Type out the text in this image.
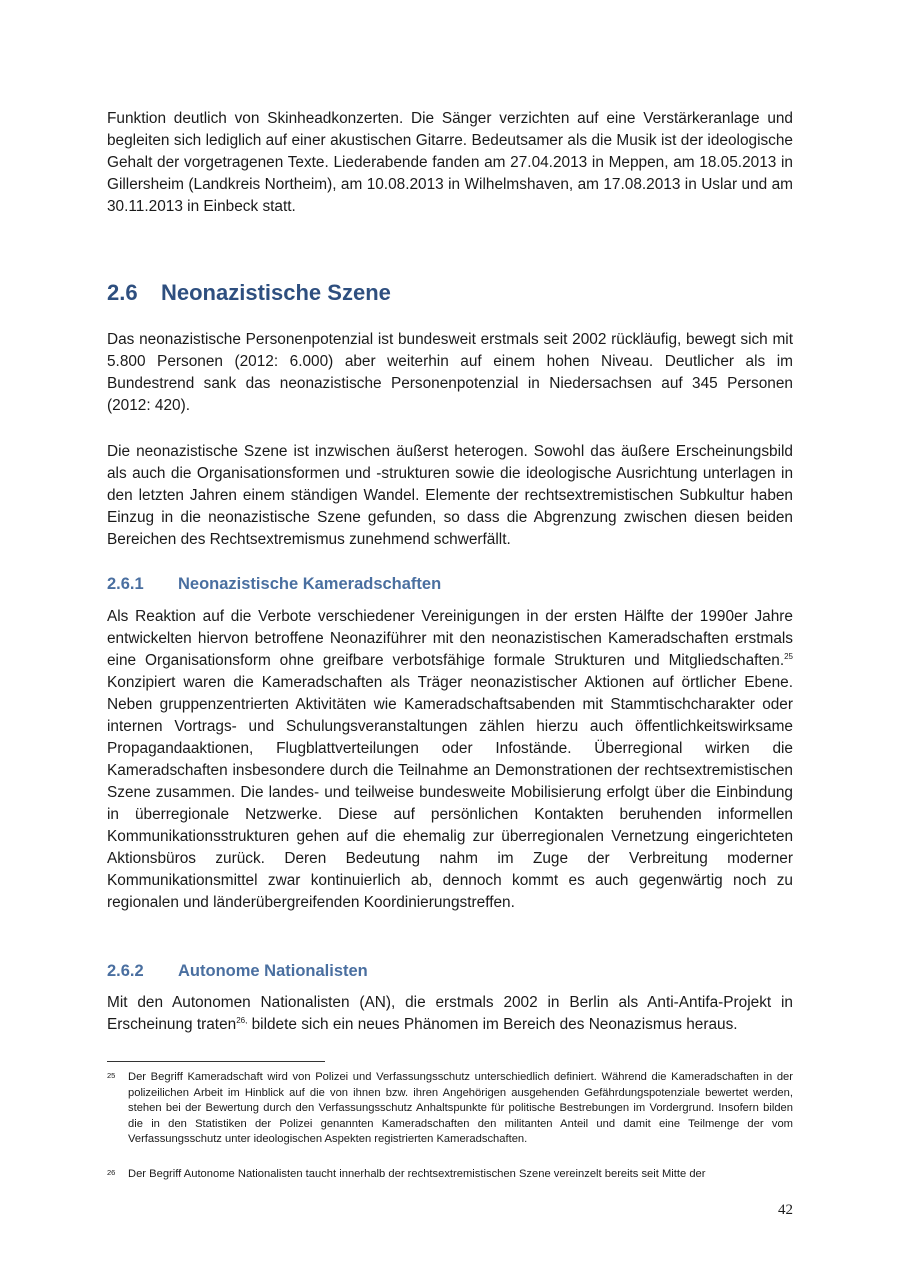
Funktion deutlich von Skinheadkonzerten. Die Sänger verzichten auf eine Verstärkeranlage und begleiten sich lediglich auf einer akustischen Gitarre. Bedeutsamer als die Musik ist der ideologische Gehalt der vorgetragenen Texte. Liederabende fanden am 27.04.2013 in Meppen, am 18.05.2013 in Gillersheim (Landkreis Northeim), am 10.08.2013 in Wilhelmshaven, am 17.08.2013 in Uslar und am 30.11.2013 in Einbeck statt.

2.6 Neonazistische Szene

Das neonazistische Personenpotenzial ist bundesweit erstmals seit 2002 rückläufig, bewegt sich mit 5.800 Personen (2012: 6.000) aber weiterhin auf einem hohen Niveau. Deutlicher als im Bundestrend sank das neonazistische Personenpotenzial in Niedersachsen auf 345 Personen (2012: 420).

Die neonazistische Szene ist inzwischen äußerst heterogen. Sowohl das äußere Erscheinungsbild als auch die Organisationsformen und -strukturen sowie die ideologische Ausrichtung unterlagen in den letzten Jahren einem ständigen Wandel. Elemente der rechtsextremistischen Subkultur haben Einzug in die neonazistische Szene gefunden, so dass die Abgrenzung zwischen diesen beiden Bereichen des Rechtsextremismus zunehmend schwerfällt.

2.6.1 Neonazistische Kameradschaften

Als Reaktion auf die Verbote verschiedener Vereinigungen in der ersten Hälfte der 1990er Jahre entwickelten hiervon betroffene Neonaziführer mit den neonazistischen Kameradschaften erstmals eine Organisationsform ohne greifbare verbotsfähige formale Strukturen und Mitgliedschaften.$^{25}$ Konzipiert waren die Kameradschaften als Träger neonazistischer Aktionen auf örtlicher Ebene. Neben gruppenzentrierten Aktivitäten wie Kameradschaftsabenden mit Stammtischcharakter oder internen Vortrags- und Schulungsveranstaltungen zählen hierzu auch öffentlichkeitswirksame Propagandaaktionen, Flugblattverteilungen oder Infostände. Überregional wirken die Kameradschaften insbesondere durch die Teilnahme an Demonstrationen der rechtsextremistischen Szene zusammen. Die landes- und teilweise bundesweite Mobilisierung erfolgt über die Einbindung in überregionale Netzwerke. Diese auf persönlichen Kontakten beruhenden informellen Kommunikationsstrukturen gehen auf die ehemalig zur überregionalen Vernetzung eingerichteten Aktionsbüros zurück. Deren Bedeutung nahm im Zuge der Verbreitung moderner Kommunikationsmittel zwar kontinuierlich ab, dennoch kommt es auch gegenwärtig noch zu regionalen und länderübergreifenden Koordinierungstreffen.

2.6.2 Autonome Nationalisten

Mit den Autonomen Nationalisten (AN), die erstmals 2002 in Berlin als Anti-Antifa-Projekt in Erscheinung traten$^{26,}$ bildete sich ein neues Phänomen im Bereich des Neonazismus heraus.

25 Der Begriff Kameradschaft wird von Polizei und Verfassungsschutz unterschiedlich definiert. Während die Kameradschaften in der polizeilichen Arbeit im Hinblick auf die von ihnen bzw. ihren Angehörigen ausgehenden Gefährdungspotenziale bewertet werden, stehen bei der Bewertung durch den Verfassungsschutz Anhaltspunkte für politische Bestrebungen im Vordergrund. Insofern bilden die in den Statistiken der Polizei genannten Kameradschaften den militanten Anteil und damit eine Teilmenge der vom Verfassungsschutz unter ideologischen Aspekten registrierten Kameradschaften.
26 Der Begriff Autonome Nationalisten taucht innerhalb der rechtsextremistischen Szene vereinzelt bereits seit Mitte der
42
